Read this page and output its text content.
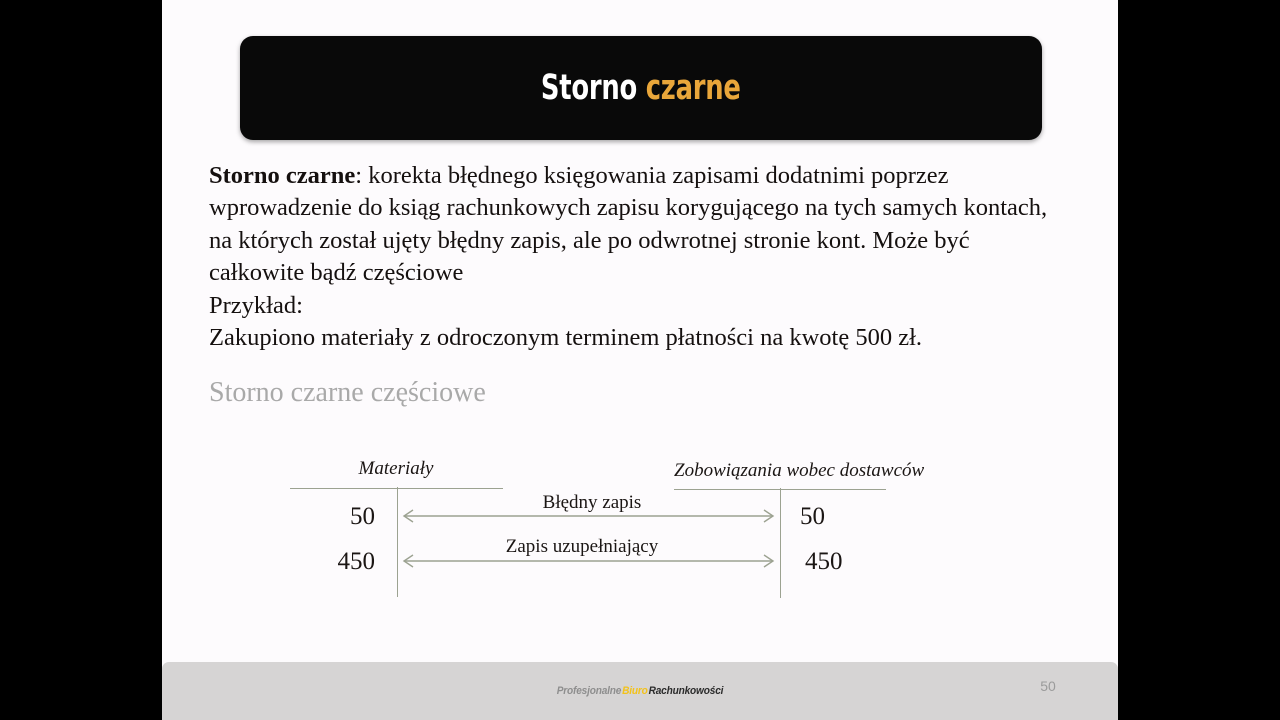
Storno czarne

Storno czarne: korekta błędnego księgowania zapisami dodatnimi poprzez wprowadzenie do ksiąg rachunkowych zapisu korygującego na tych samych kontach, na których został ujęty błędny zapis, ale po odwrotnej stronie kont. Może być całkowite bądź częściowe

Przykład:

Zakupiono materiały z odroczonym terminem płatności na kwotę 500 zł.

Storno czarne częściowe
Materiały	Zobowiązania wobec dostawców
Błędny zapis
Zapis uzupełniający
50
450
50
450
Profesjonalne Biuro Rachunkowości	50
